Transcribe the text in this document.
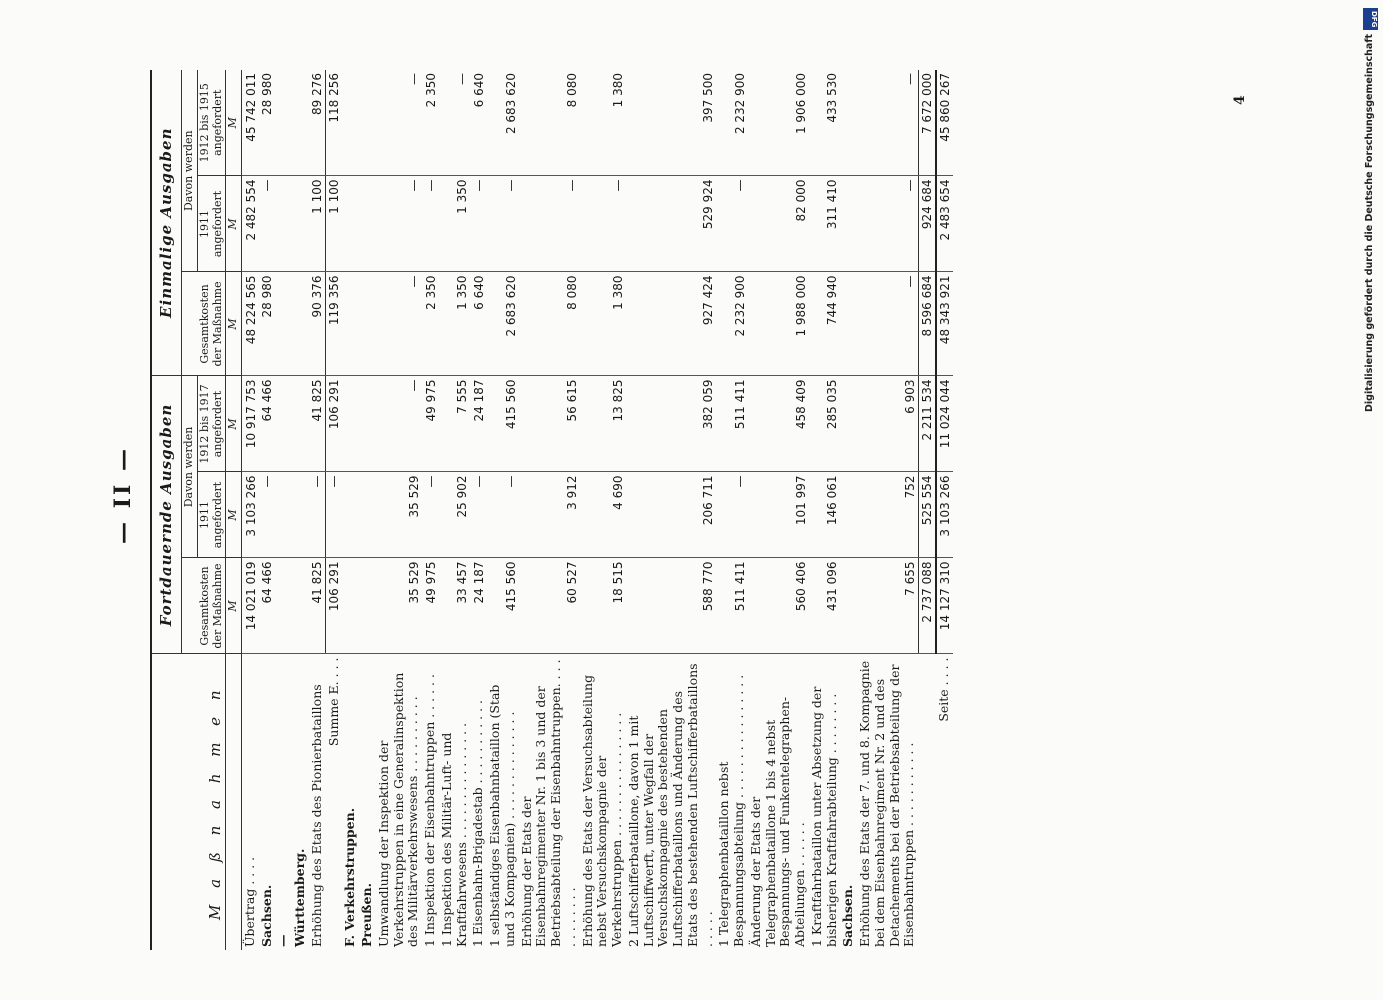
DFG
Digitalisierung gefördert durch die Deutsche Forschungsgemeinschaft
— II —
M a ß n a h m e n	Fortdauernde Ausgaben			Einmalige Ausgaben		
	Gesamtkosten der Maßnahme	Davon werden		Gesamtkosten der Maßnahme	Davon werden	
		1911 angefordert	1912 bis 1917 angefordert		1911 angefordert	1912 bis 1915 angefordert
	M	M	M	M	M	M
Übertrag . . . .	14 021 019	3 103 266	10 917 753	48 224 565	2 482 554	45 742 011
Sachsen.	64 466	—	64 466	28 980	—	28 980
—						
Württemberg.						
Erhöhung des Etats des Pionierbataillons	41 825	—	41 825	90 376	1 100	89 276
Summe E. . . .	106 291	—	106 291	119 356	1 100	118 256
F. Verkehrstruppen.						
Preußen.						
Umwandlung der Inspektion der Verkehrstruppen in eine Generalinspektion des Militärverkehrswesens . . . . . . . . . .	35 529	35 529	—	—	—	—
1 Inspektion der Eisenbahntruppen . . . . . .	49 975	—	49 975	2 350	—	2 350
1 Inspektion des Militär-Luft- und Kraftfahrwesens . . . . . . . . . . . . . . .	33 457	25 902	7 555	1 350	1 350	—
1 Eisenbahn-Brigadestab . . . . . . . . . . .	24 187	—	24 187	6 640	—	6 640
1 selbständiges Eisenbahnbataillon (Stab und 3 Kompagnien) . . . . . . . . . . . . . .	415 560	—	415 560	2 683 620	—	2 683 620
Erhöhung der Etats der Eisenbahnregimenter Nr. 1 bis 3 und der Betriebsabteilung der Eisenbahntruppen. . . . . . . . . . . .	60 527	3 912	56 615	8 080	—	8 080
Erhöhung des Etats der Versuchsabteilung nebst Versuchskompagnie der Verkehrstruppen . . . . . . . . . . . . . . . .	18 515	4 690	13 825	1 380	—	1 380
2 Luftschifferbataillone, davon 1 mit Luftschiffwerft, unter Wegfall der Versuchskompagnie des bestehenden Luftschifferbataillons und Änderung des Etats des bestehenden Luftschifferbataillons . . . . .	588 770	206 711	382 059	927 424	529 924	397 500
1 Telegraphenbataillon nebst Bespannungsabteilung . . . . . . . . . . . . . . . .	511 411	—	511 411	2 232 900	—	2 232 900
Änderung der Etats der Telegraphenbataillone 1 bis 4 nebst Bespannungs- und Funkentelegraphen-Abteilungen . . . . . .	560 406	101 997	458 409	1 988 000	82 000	1 906 000
1 Kraftfahrbataillon unter Absetzung der bisherigen Kraftfahrabteilung . . . . . . . .	431 096	146 061	285 035	744 940	311 410	433 530
Sachsen.						
Erhöhung des Etats der 7. und 8. Kompagnie bei dem Eisenbahnregiment Nr. 2 und des Detachements bei der Betriebsabteilung der Eisenbahntruppen . . . . . . . . . . .	7 655	752	6 903	—	—	—
	2 737 088	525 554	2 211 534	8 596 684	924 684	7 672 000
Seite . . . .	14 127 310	3 103 266	11 024 044	48 343 921	2 483 654	45 860 267	4
